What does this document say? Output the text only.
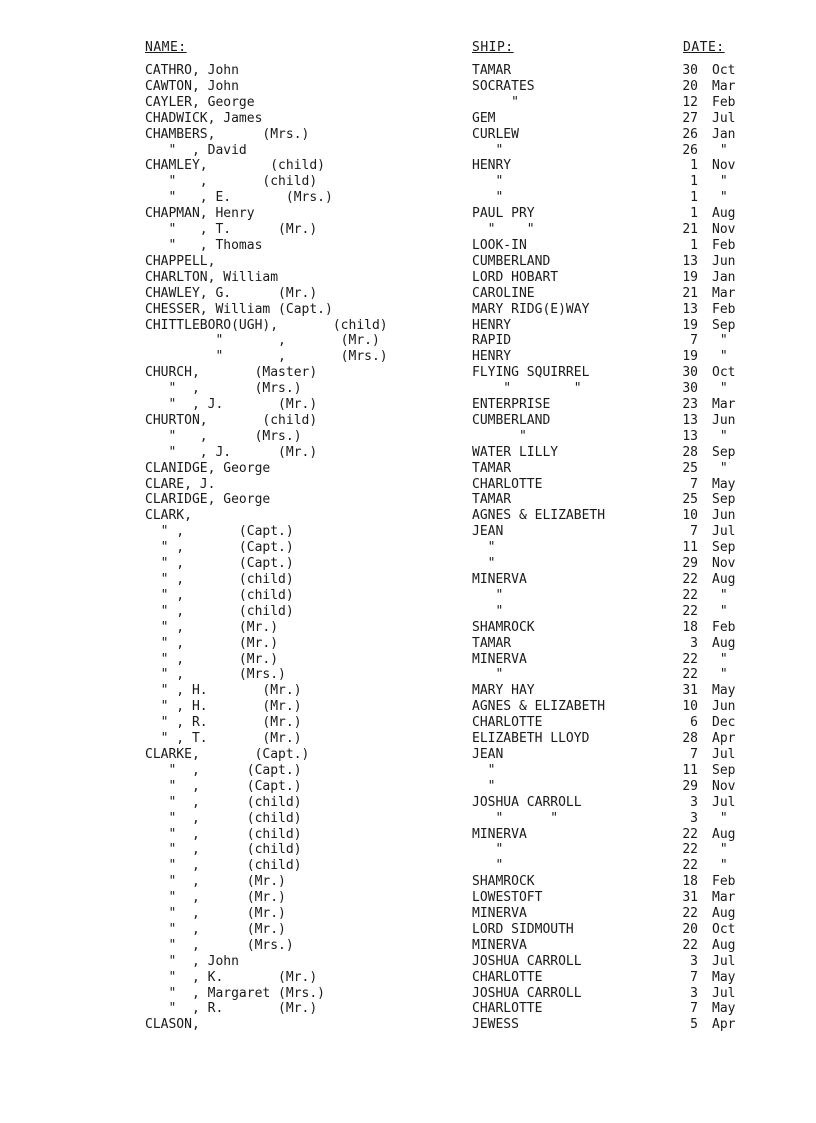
NAME:	SHIP:	DATE:
CATHRO, John	TAMAR	30 Oct
CAWTON, John	SOCRATES	20 Mar
CAYLER, George	"	12 Feb
CHADWICK, James	GEM	27 Jul
CHAMBERS,      (Mrs.)	CURLEW	26 Jan
"  , David	"	26 "
CHAMLEY,        (child)	HENRY	1 Nov
"   ,       (child)	"	1 "
"   , E.       (Mrs.)	"	1 "
CHAPMAN, Henry	PAUL PRY	1 Aug
"   , T.      (Mr.)	"    "	21 Nov
"   , Thomas	LOOK-IN	1 Feb
CHAPPELL,	CUMBERLAND	13 Jun
CHARLTON, William	LORD HOBART	19 Jan
CHAWLEY, G.      (Mr.)	CAROLINE	21 Mar
CHESSER, William (Capt.)	MARY RIDG(E)WAY	13 Feb
CHITTLEBORO(UGH),       (child)	HENRY	19 Sep
"       ,       (Mr.)	RAPID	7 "
"       ,       (Mrs.)	HENRY	19 "
CHURCH,       (Master)	FLYING SQUIRREL	30 Oct
"  ,       (Mrs.)	"        "	30 "
"  , J.       (Mr.)	ENTERPRISE	23 Mar
CHURTON,       (child)	CUMBERLAND	13 Jun
"   ,      (Mrs.)	"	13 "
"   , J.      (Mr.)	WATER LILLY	28 Sep
CLANIDGE, George	TAMAR	25 "
CLARE, J.	CHARLOTTE	7 May
CLARIDGE, George	TAMAR	25 Sep
CLARK,	AGNES & ELIZABETH	10 Jun
" ,       (Capt.)	JEAN	7 Jul
" ,       (Capt.)	"	11 Sep
" ,       (Capt.)	"	29 Nov
" ,       (child)	MINERVA	22 Aug
" ,       (child)	"	22 "
" ,       (child)	"	22 "
" ,       (Mr.)	SHAMROCK	18 Feb
" ,       (Mr.)	TAMAR	3 Aug
" ,       (Mr.)	MINERVA	22 "
" ,       (Mrs.)	"	22 "
" , H.       (Mr.)	MARY HAY	31 May
" , H.       (Mr.)	AGNES & ELIZABETH	10 Jun
" , R.       (Mr.)	CHARLOTTE	6 Dec
" , T.       (Mr.)	ELIZABETH LLOYD	28 Apr
CLARKE,       (Capt.)	JEAN	7 Jul
"  ,      (Capt.)	"	11 Sep
"  ,      (Capt.)	"	29 Nov
"  ,      (child)	JOSHUA CARROLL	3 Jul
"  ,      (child)	"      "	3 "
"  ,      (child)	MINERVA	22 Aug
"  ,      (child)	"	22 "
"  ,      (child)	"	22 "
"  ,      (Mr.)	SHAMROCK	18 Feb
"  ,      (Mr.)	LOWESTOFT	31 Mar
"  ,      (Mr.)	MINERVA	22 Aug
"  ,      (Mr.)	LORD SIDMOUTH	20 Oct
"  ,      (Mrs.)	MINERVA	22 Aug
"  , John	JOSHUA CARROLL	3 Jul
"  , K.       (Mr.)	CHARLOTTE	7 May
"  , Margaret (Mrs.)	JOSHUA CARROLL	3 Jul
"  , R.       (Mr.)	CHARLOTTE	7 May
CLASON,	JEWESS	5 Apr
